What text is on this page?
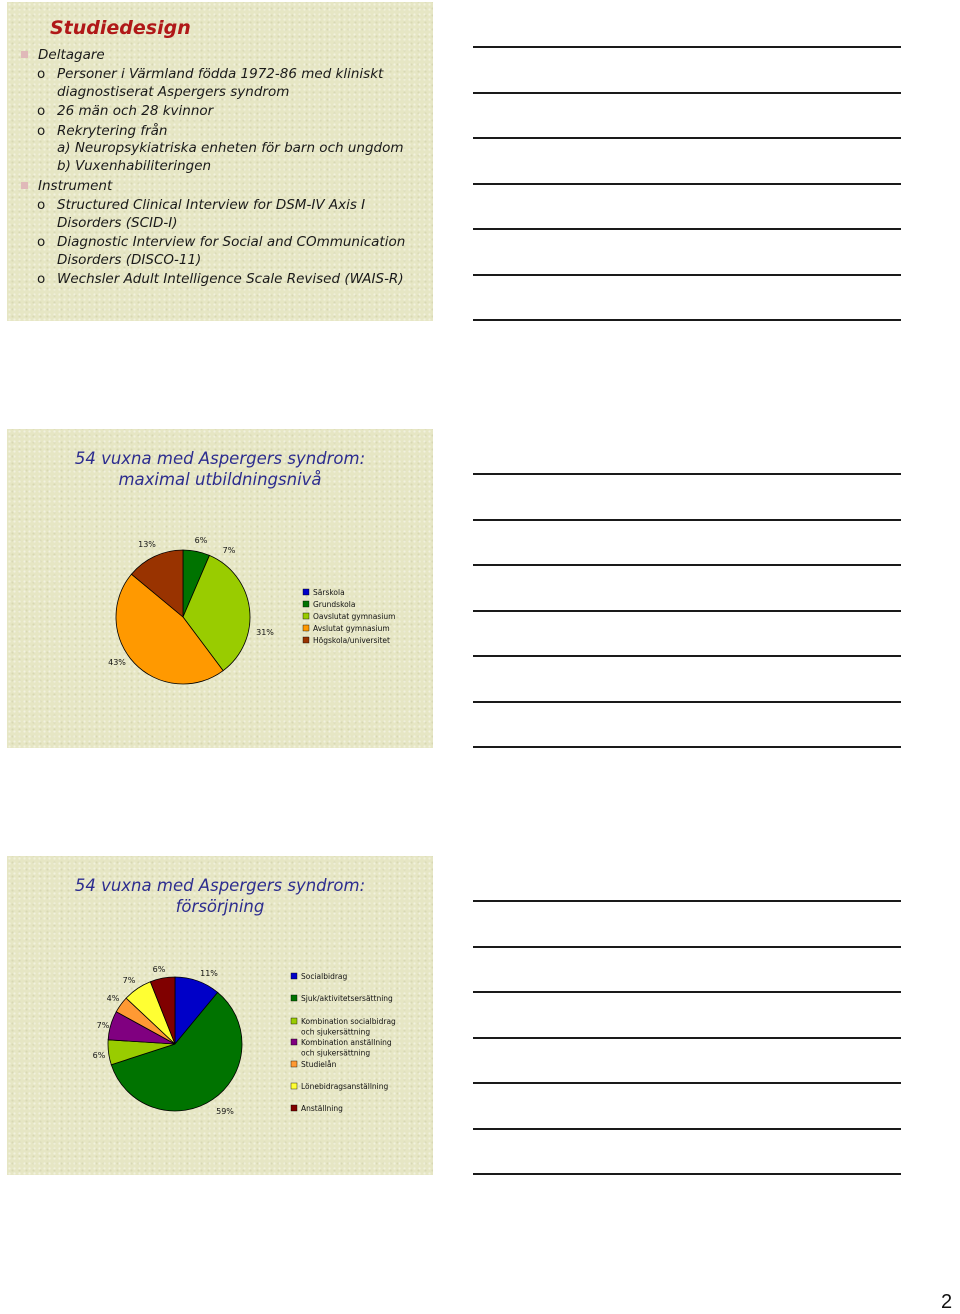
Studiedesign
Deltagare
o Personer i Värmland födda 1972-86 med kliniskt
diagnostiserat Aspergers syndrom
o 26 män och 28 kvinnor
o Rekrytering från
a) Neuropsykiatriska enheten för barn och ungdom
b) Vuxenhabiliteringen
Instrument
o Structured Clinical Interview for DSM-IV Axis I
Disorders (SCID-I)
o Diagnostic Interview for Social and COmmunication
Disorders (DISCO-11)
o Wechsler Adult Intelligence Scale Revised (WAIS-R)
54 vuxna med Aspergers syndrom:
maximal utbildningsnivå
6%
31%
43%
13%
7%
Särskola
Grundskola
Oavslutat gymnasium
Avslutat gymnasium
Högskola/universitet
54 vuxna med Aspergers syndrom:
försörjning
11%
59%
6%
7%
4%
7%
6%
Socialbidrag
Sjuk/aktivitetsersättning
Kombination socialbidrag
och sjukersättning
Kombination anställning
och sjukersättning
Studielån
Lönebidragsanställning
Anställning
2
